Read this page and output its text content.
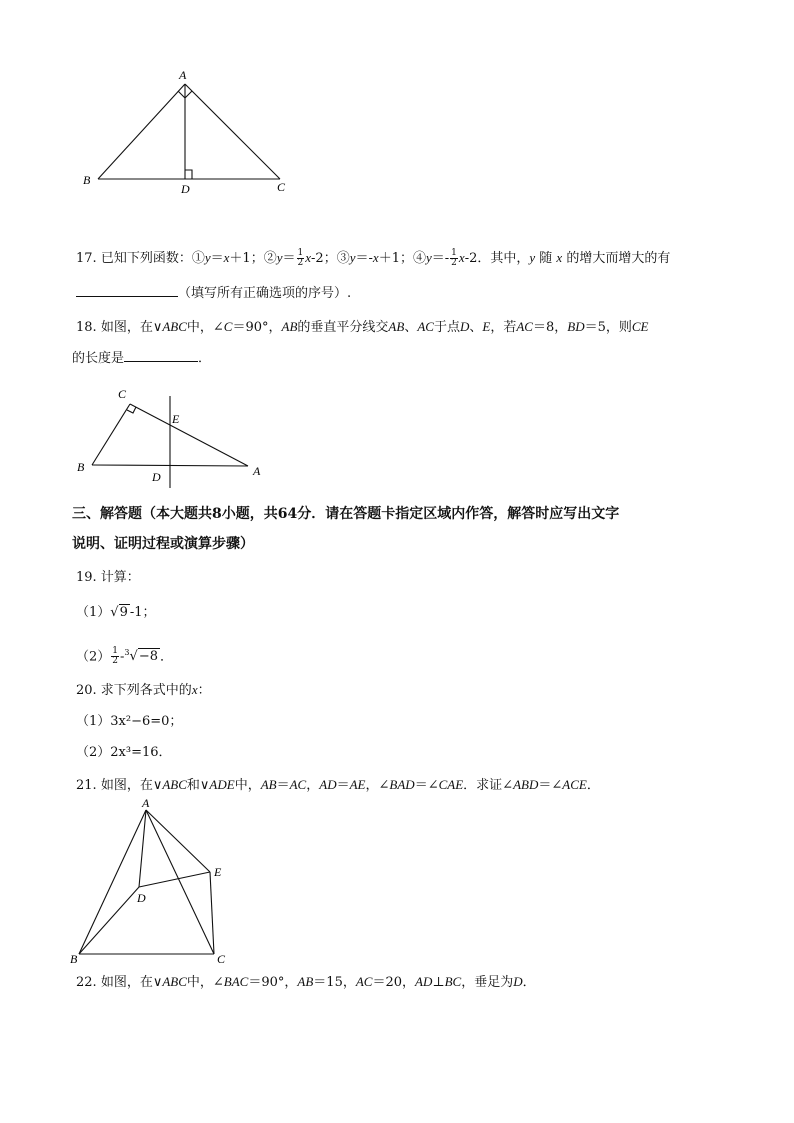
A
B
D	C
17. 已知下列函数：①y＝x＋1；②y＝ $\frac{1}{2} x-2$；③y＝-x＋1；④y＝- $\frac{1}{2} x-2$．其中，y 随 x 的增大而增大的有
（填写所有正确选项的序号）.
18. 如图，在∨ABC中，∠C＝90°，AB的垂直平分线交AB、AC于点D、E，若AC＝8，BD＝5，则CE
的长度是	．
C
E
B
D	A
三、解答题（本大题共8小题，共64分．请在答题卡指定区域内作答，解答时应写出文字
说明、证明过程或演算步骤）
19. 计算：
（1）√9 -1；
$(2) \frac{1}{2} -^3√-8$ ．
20. 求下列各式中的x：
（1）3x²−6=0；
（2）2x³=16．
21. 如图，在∨ABC和∨ADE中，AB＝AC，AD＝AE，∠BAD＝∠CAE．求证∠ABD＝∠ACE．
A
E
D
B	C
22. 如图，在∨ABC中，∠BAC＝90°，AB＝15，AC＝20，AD⊥BC，垂足为D．
